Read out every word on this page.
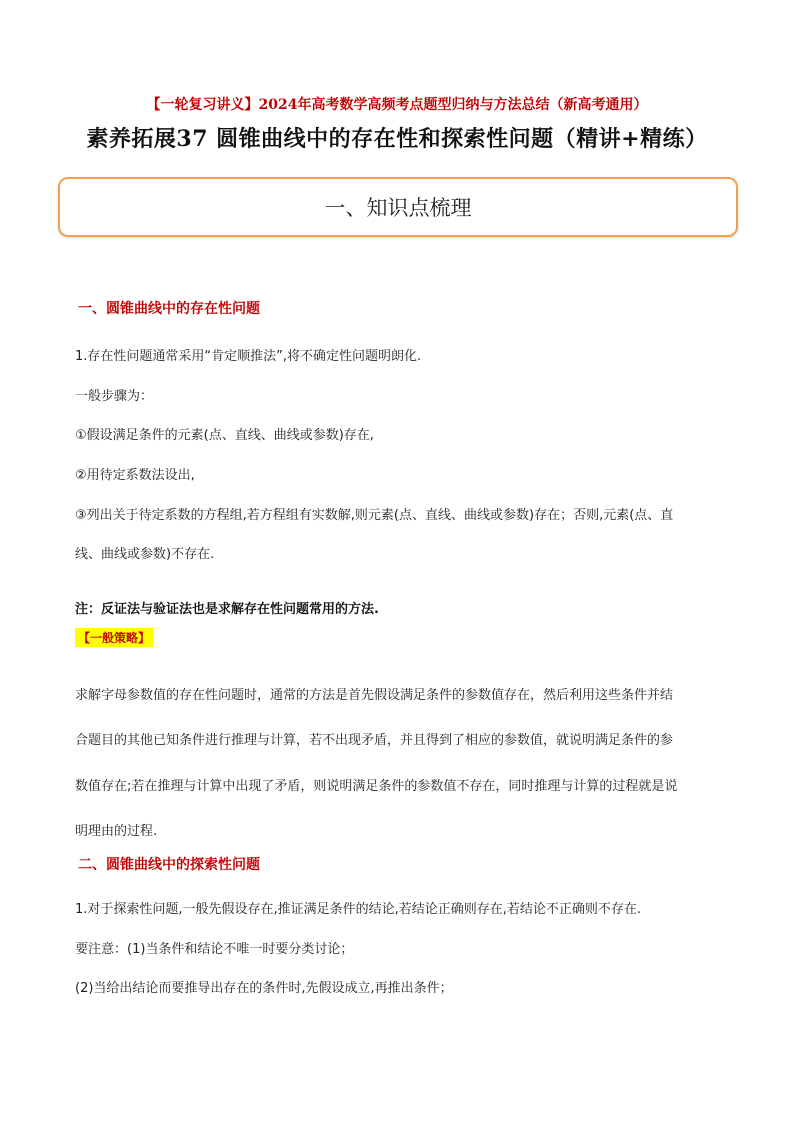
【一轮复习讲义】2024年高考数学高频考点题型归纳与方法总结（新高考通用）
素养拓展37 圆锥曲线中的存在性和探索性问题（精讲+精练）
一、知识点梳理
一、圆锥曲线中的存在性问题
1.存在性问题通常采用“肯定顺推法”,将不确定性问题明朗化.
一般步骤为：
①假设满足条件的元素(点、直线、曲线或参数)存在,
②用待定系数法设出,
③列出关于待定系数的方程组,若方程组有实数解,则元素(点、直线、曲线或参数)存在；否则,元素(点、直
线、曲线或参数)不存在.
注：反证法与验证法也是求解存在性问题常用的方法.
【一般策略】
求解字母参数值的存在性问题时，通常的方法是首先假设满足条件的参数值存在，然后利用这些条件并结
合题目的其他已知条件进行推理与计算，若不出现矛盾，并且得到了相应的参数值，就说明满足条件的参
数值存在;若在推理与计算中出现了矛盾，则说明满足条件的参数值不存在，同时推理与计算的过程就是说
明理由的过程.
二、圆锥曲线中的探索性问题
1.对于探索性问题,一般先假设存在,推证满足条件的结论,若结论正确则存在,若结论不正确则不存在.
要注意：(1)当条件和结论不唯一时要分类讨论；
(2)当给出结论而要推导出存在的条件时,先假设成立,再推出条件；
